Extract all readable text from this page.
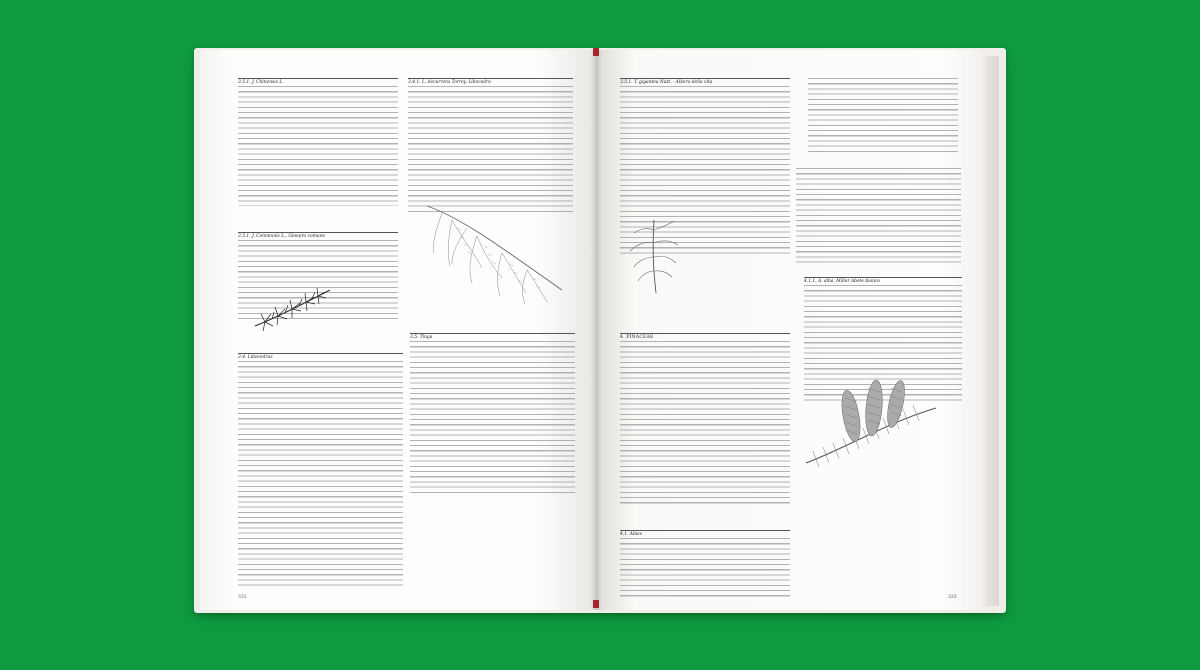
3.5.1. J. Chinensis L.
3.5.1. J. Communis L., Ginepro comune
3.4.1. L. decurrens Torrey, Libocedro
3.4. Libocedrus
3.5. Thuja
332
3.5.1. T. gigantea Nutt. · Albero della vita
4. PINACEAE
4.1. Abies
4.1.1. A. alba, Miller Abete bianco
333
